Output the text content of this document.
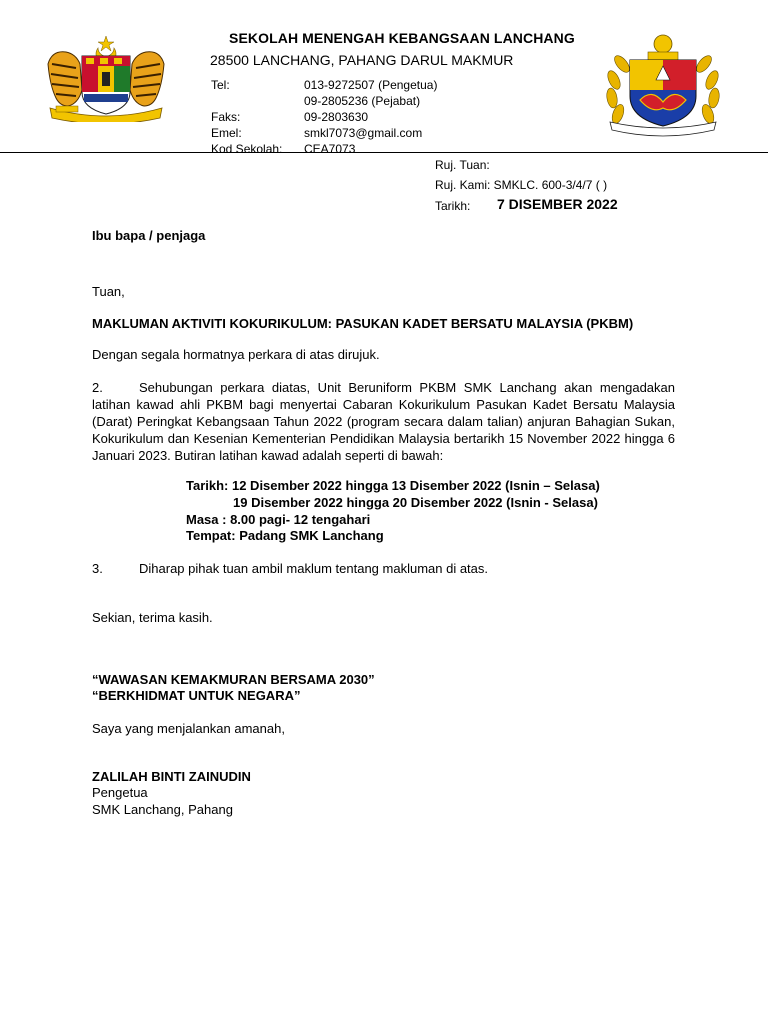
SEKOLAH MENENGAH KEBANGSAAN LANCHANG
28500 LANCHANG, PAHANG DARUL MAKMUR
Tel:	013-9272507 (Pengetua)
09-2805236 (Pejabat)
Faks:	09-2803630
Emel:	smkl7073@gmail.com
Kod Sekolah:	CEA7073
Ruj. Tuan:
Ruj. Kami: SMKLC. 600-3/4/7 ( )
Tarikh: 7 DISEMBER 2022
Ibu bapa / penjaga
Tuan,
MAKLUMAN AKTIVITI KOKURIKULUM: PASUKAN KADET BERSATU MALAYSIA (PKBM)
Dengan segala hormatnya perkara di atas dirujuk.
2.	Sehubungan perkara diatas, Unit Beruniform PKBM SMK Lanchang akan mengadakan latihan kawad ahli PKBM bagi menyertai Cabaran Kokurikulum Pasukan Kadet Bersatu Malaysia (Darat) Peringkat Kebangsaan Tahun 2022 (program secara dalam talian) anjuran Bahagian Sukan, Kokurikulum dan Kesenian Kementerian Pendidikan Malaysia bertarikh 15 November 2022 hingga 6 Januari 2023. Butiran latihan kawad adalah seperti di bawah:
Tarikh: 12 Disember 2022 hingga 13 Disember 2022 (Isnin – Selasa)
19 Disember 2022 hingga 20 Disember 2022 (Isnin - Selasa)
Masa : 8.00 pagi- 12 tengahari
Tempat: Padang SMK Lanchang
3.	Diharap pihak tuan ambil maklum tentang makluman di atas.
Sekian, terima kasih.
“WAWASAN KEMAKMURAN BERSAMA 2030”
“BERKHIDMAT UNTUK NEGARA”
Saya yang menjalankan amanah,
ZALILAH BINTI ZAINUDIN
Pengetua
SMK Lanchang, Pahang
